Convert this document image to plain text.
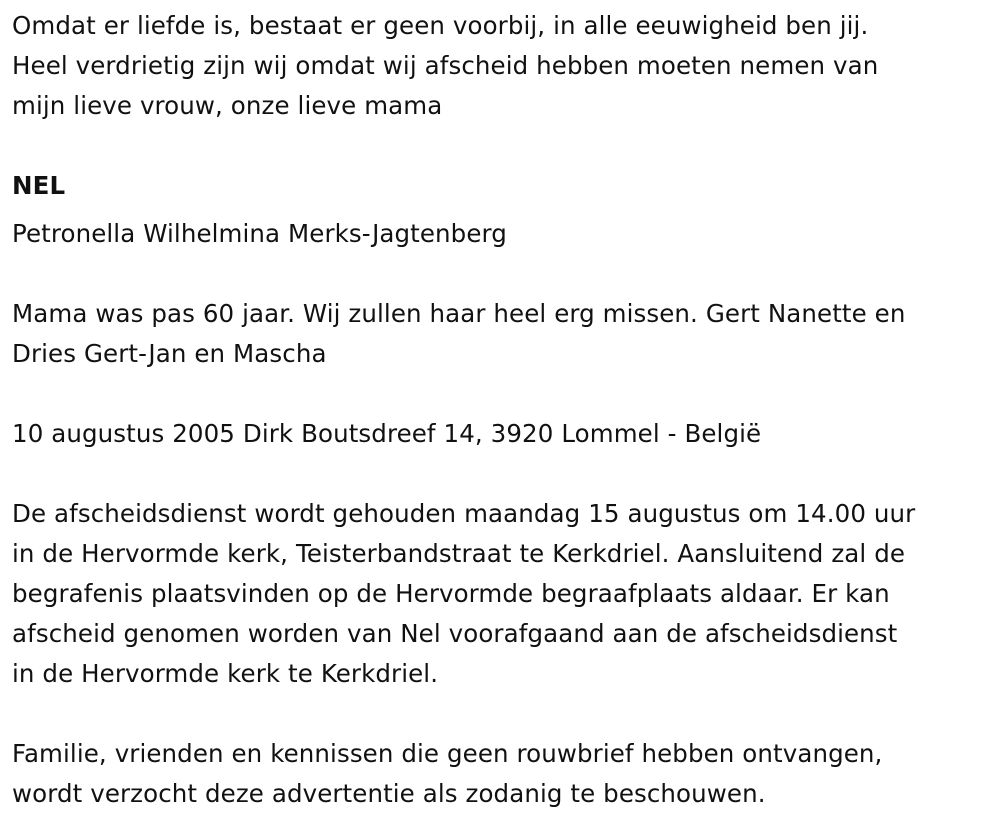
Omdat er liefde is, bestaat er geen voorbij, in alle eeuwigheid ben jij.
Heel verdrietig zijn wij omdat wij afscheid hebben moeten nemen van
mijn lieve vrouw, onze lieve mama

NEL

Petronella Wilhelmina Merks-Jagtenberg

Mama was pas 60 jaar. Wij zullen haar heel erg missen. Gert Nanette en
Dries Gert-Jan en Mascha

10 augustus 2005 Dirk Boutsdreef 14, 3920 Lommel - België

De afscheidsdienst wordt gehouden maandag 15 augustus om 14.00 uur
in de Hervormde kerk, Teisterbandstraat te Kerkdriel. Aansluitend zal de
begrafenis plaatsvinden op de Hervormde begraafplaats aldaar. Er kan
afscheid genomen worden van Nel voorafgaand aan de afscheidsdienst
in de Hervormde kerk te Kerkdriel.

Familie, vrienden en kennissen die geen rouwbrief hebben ontvangen,
wordt verzocht deze advertentie als zodanig te beschouwen.
